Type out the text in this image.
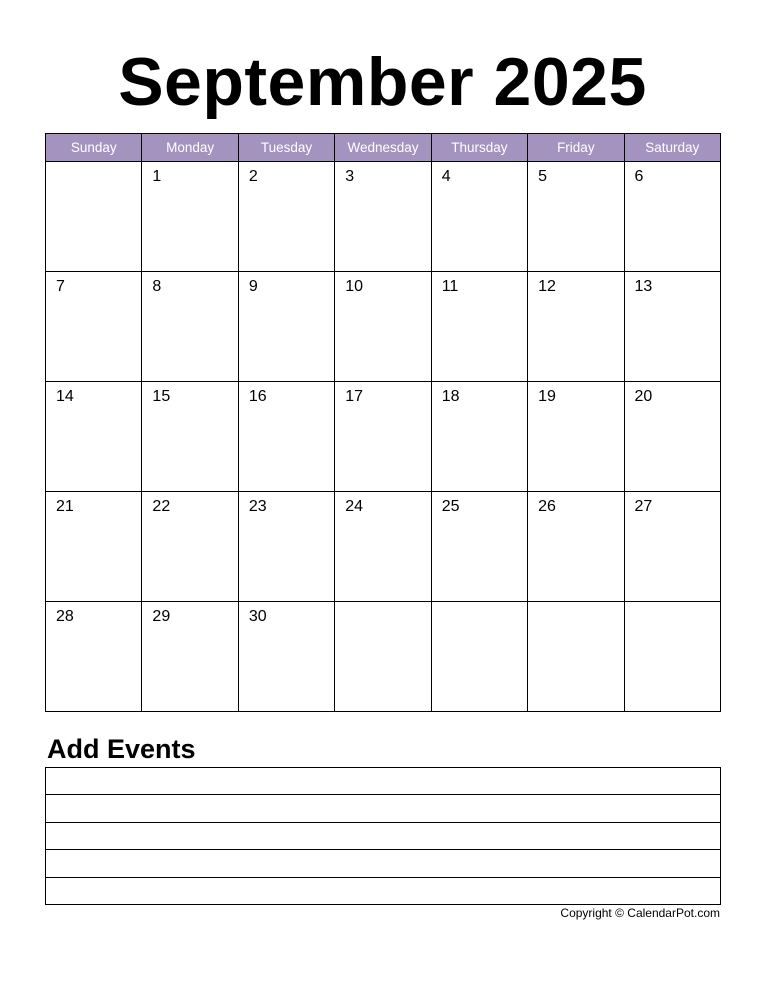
September 2025
Sunday	Monday	Tuesday	Wednesday	Thursday	Friday	Saturday

	1	2	3	4	5	6

7	8	9	10	11	12	13

14	15	16	17	18	19	20

21	22	23	24	25	26	27

28	29	30				

Add Events

Copyright © CalendarPot.com
